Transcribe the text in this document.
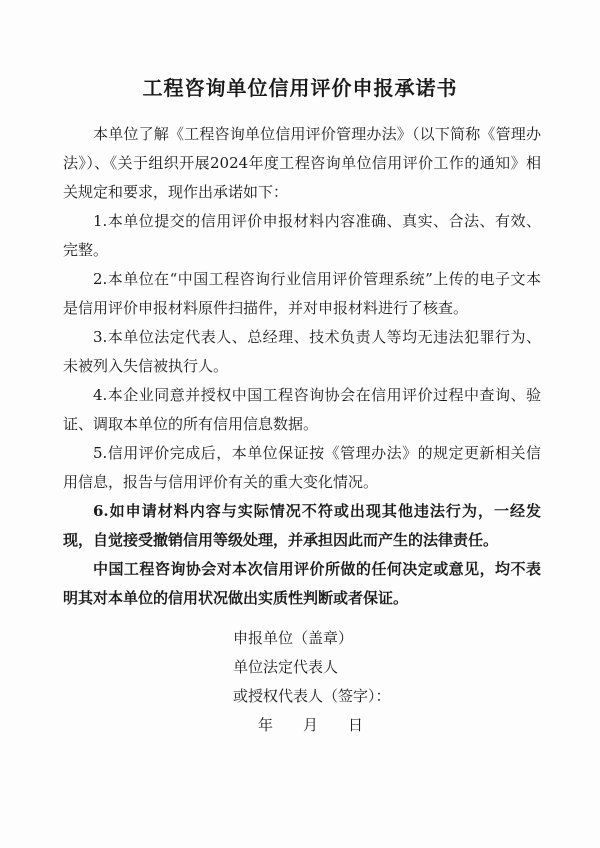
工程咨询单位信用评价申报承诺书

本单位了解《工程咨询单位信用评价管理办法》（以下简称《管理办法》）、《关于组织开展2024年度工程咨询单位信用评价工作的通知》相关规定和要求，现作出承诺如下：

1.本单位提交的信用评价申报材料内容准确、真实、合法、有效、完整。

2.本单位在“中国工程咨询行业信用评价管理系统”上传的电子文本是信用评价申报材料原件扫描件，并对申报材料进行了核查。

3.本单位法定代表人、总经理、技术负责人等均无违法犯罪行为、未被列入失信被执行人。

4.本企业同意并授权中国工程咨询协会在信用评价过程中查询、验证、调取本单位的所有信用信息数据。

5.信用评价完成后，本单位保证按《管理办法》的规定更新相关信用信息，报告与信用评价有关的重大变化情况。

6.如申请材料内容与实际情况不符或出现其他违法行为，一经发现，自觉接受撤销信用等级处理，并承担因此而产生的法律责任。

中国工程咨询协会对本次信用评价所做的任何决定或意见，均不表明其对本单位的信用状况做出实质性判断或者保证。

申报单位（盖章）
单位法定代表人
或授权代表人（签字）：
年　　月　　日
